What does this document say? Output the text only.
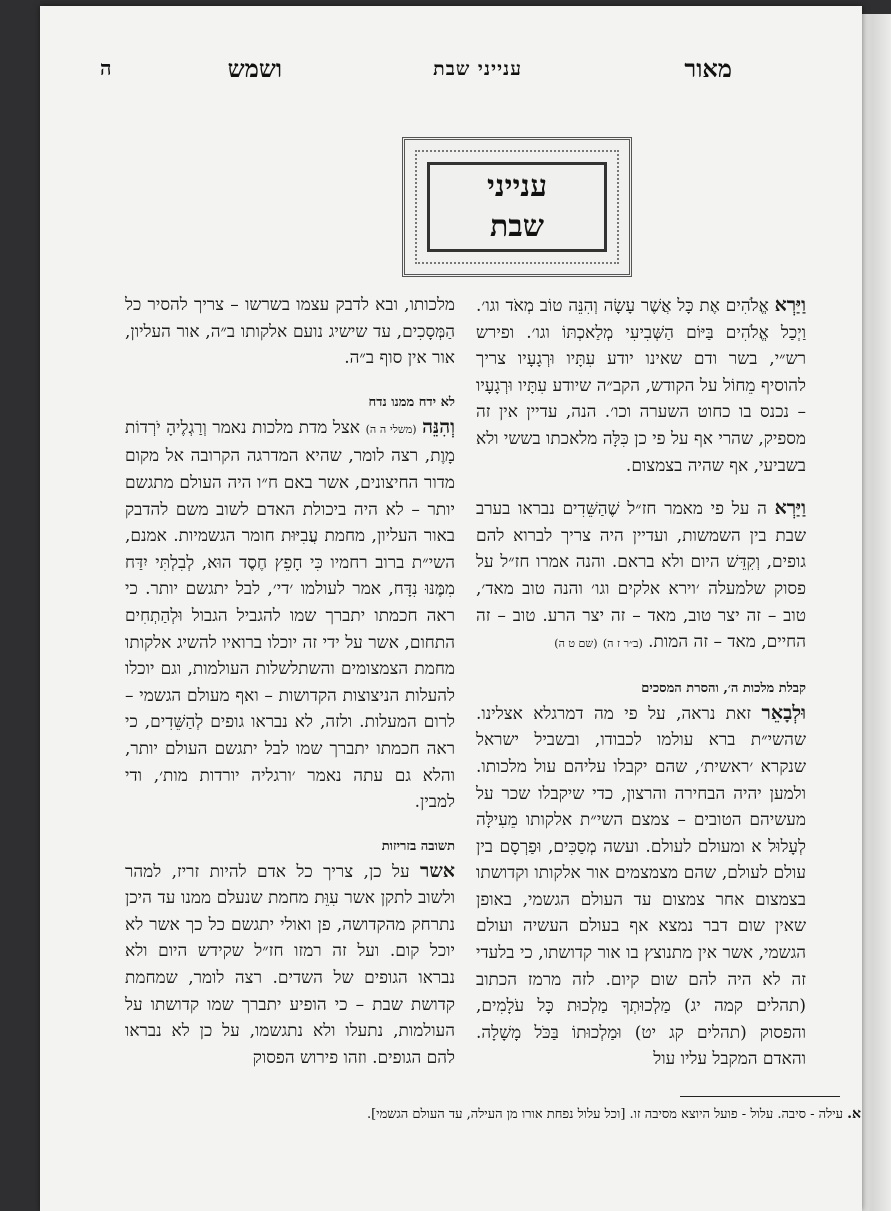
מאור
ענייני שבת
ושמש
ה
ענייני
שבת

וַיַּרְא אֱלֹהִים אֶת כָּל אֲשֶׁר עָשָׂה וְהִנֵּה טוֹב מְאֹד וגו׳. וַיְכַל אֱלֹהִים בַּיּוֹם הַשְּׁבִיעִי מְלַאכְתּוֹ וגו׳. ופירש רש״י, בשר ודם שאינו יודע עִתָּיו וּרְגָעָיו צריך להוסיף מֵחוֹל על הקודש, הקב״ה שיודע עִתָּיו וּרְגָעָיו – נכנס בו כחוט השערה וכו׳. הנה, עדיין אין זה מספיק, שהרי אף על פי כן כִּלָּה מלאכתו בששי ולא בשביעי, אף שהיה בצמצום.

וַיַּרְא ה על פי מאמר חז״ל שֶׁהַשֵּׁדִים נבראו בערב שבת בין השמשות, ועדיין היה צריך לברוא להם גופים, וְקִדֵּשׁ היום ולא בראם. והנה אמרו חז״ל על פסוק שלמעלה ׳וירא אלקים וגו׳ והנה טוב מאד׳, טוב – זה יצר טוב, מאד – זה יצר הרע. טוב – זה החיים, מאד – זה המות. (ב״ר ז ה) (שם ט ה)

קבלת מלכות ה׳, והסרת המסכים

וּלְבָאֵר זאת נראה, על פי מה דמרגלא אצלינו. שהשי״ת ברא עולמו לכבודו, ובשביל ישראל שנקרא ׳ראשית׳, שהם יקבלו עליהם עול מלכותו. ולמען יהיה הבחירה והרצון, כדי שיקבלו שכר על מעשיהם הטובים – צמצם השי״ת אלקותו מֵעִילָּה לְעָלוּל א ומעולם לעולם. ועשה מְסַכִּים, וּפַרְסָם בין עולם לעולם, שהם מצמצמים אור אלקותו וקדושתו בצמצום אחר צמצום עד העולם הגשמי, באופן שאין שום דבר נמצא אף בעולם העשיה ועולם הגשמי, אשר אין מתנוצץ בו אור קדושתו, כי בלעדי זה לא היה להם שום קיום. לזה מרמז הכתוב (תהלים קמה יג) מַלְכוּתְךָ מַלְכוּת כָּל עֹלָמִים, והפסוק (תהלים קג יט) וּמַלְכוּתוֹ בַּכֹּל מָשָׁלָה. והאדם המקבל עליו עול

מלכותו, ובא לדבק עצמו בשרשו – צריך להסיר כל הַמְּסָכִים, עד שישיג נועם אלקותו ב״ה, אור העליון, אור אין סוף ב״ה.

לא ידח ממנו נדח

וְהִנֵּה (משלי ה ה) אצל מדת מלכות נאמר וְרַגְלֶיהָ יֹרְדוֹת מָוֶת, רצה לומר, שהיא המדרגה הקרובה אל מקום מדור החיצונים, אשר באם ח״ו היה העולם מתגשם יותר – לא היה ביכולת האדם לשוב משם להדבק באור העליון, מחמת עֲבִיּוּת חומר הגשמיות. אמנם, השי״ת ברוב רחמיו כִּי חָפֵץ חֶסֶד הוּא, לְבִלְתִּי יִדַּח מִמֶּנּוּ נִדָּח, אמר לעולמו ׳די׳, לבל יתגשם יותר. כי ראה חכמתו יתברך שמו להגביל הגבול וּלְהַתְחִים התחום, אשר על ידי זה יוכלו ברואיו להשיג אלקותו מחמת הצמצומים והשתלשלות העולמות, וגם יוכלו להעלות הניצוצות הקדושות – ואף מעולם הגשמי – לרום המעלות. ולזה, לא נבראו גופים לְהַשֵּׁדִים, כי ראה חכמתו יתברך שמו לבל יתגשם העולם יותר, והלא גם עתה נאמר ׳ורגליה יורדות מות׳, ודי למבין.

תשובה בזריזות

אשר על כן, צריך כל אדם להיות זריז, למהר ולשוב לתקן אשר עִוֵּת מחמת שנעלם ממנו עד היכן נתרחק מהקדושה, פן ואולי יתגשם כל כך אשר לא יוכל קום. ועל זה רמזו חז״ל שקידש היום ולא נבראו הגופים של השדים. רצה לומר, שמחמת קדושת שבת – כי הופיע יתברך שמו קדושתו על העולמות, נתעלו ולא נתגשמו, על כן לא נבראו להם הגופים. וזהו פירוש הפסוק

א. עילה - סיבה. עלול - פועל היוצא מסיבה זו. [וכל עלול נפחת אורו מן העילה, עד העולם הגשמי].
